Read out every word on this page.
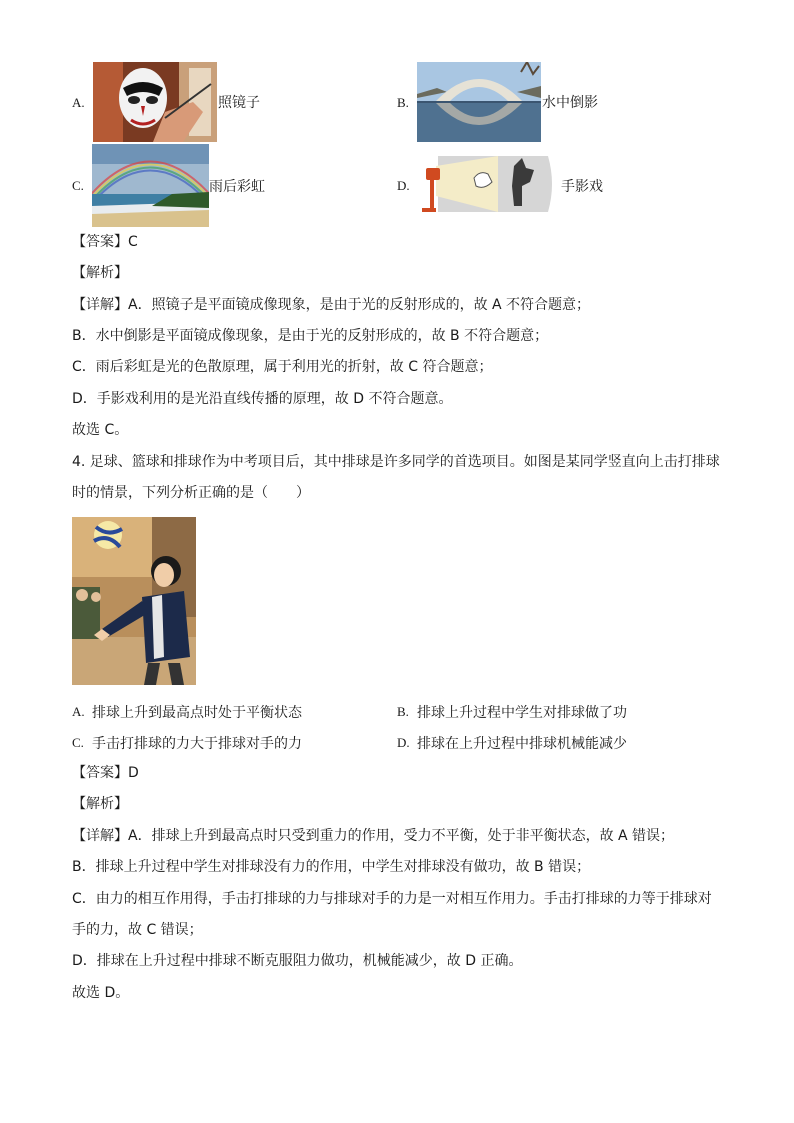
A.	照镜子	B.	水中倒影
C.	雨后彩虹	D.	手影戏
【答案】C
【解析】
【详解】A．照镜子是平面镜成像现象，是由于光的反射形成的，故 A 不符合题意；
B．水中倒影是平面镜成像现象，是由于光的反射形成的，故 B 不符合题意；
C．雨后彩虹是光的色散原理，属于利用光的折射，故 C 符合题意；
D．手影戏利用的是光沿直线传播的原理，故 D 不符合题意。
故选 C。
4. 足球、篮球和排球作为中考项目后，其中排球是许多同学的首选项目。如图是某同学竖直向上击打排球
时的情景，下列分析正确的是（　　）
A. 排球上升到最高点时处于平衡状态	B. 排球上升过程中学生对排球做了功
C. 手击打排球的力大于排球对手的力	D. 排球在上升过程中排球机械能减少
【答案】D
【解析】
【详解】A．排球上升到最高点时只受到重力的作用，受力不平衡，处于非平衡状态，故 A 错误；
B．排球上升过程中学生对排球没有力的作用，中学生对排球没有做功，故 B 错误；
C．由力的相互作用得，手击打排球的力与排球对手的力是一对相互作用力。手击打排球的力等于排球对
手的力，故 C 错误；
D．排球在上升过程中排球不断克服阻力做功，机械能减少，故 D 正确。
故选 D。
